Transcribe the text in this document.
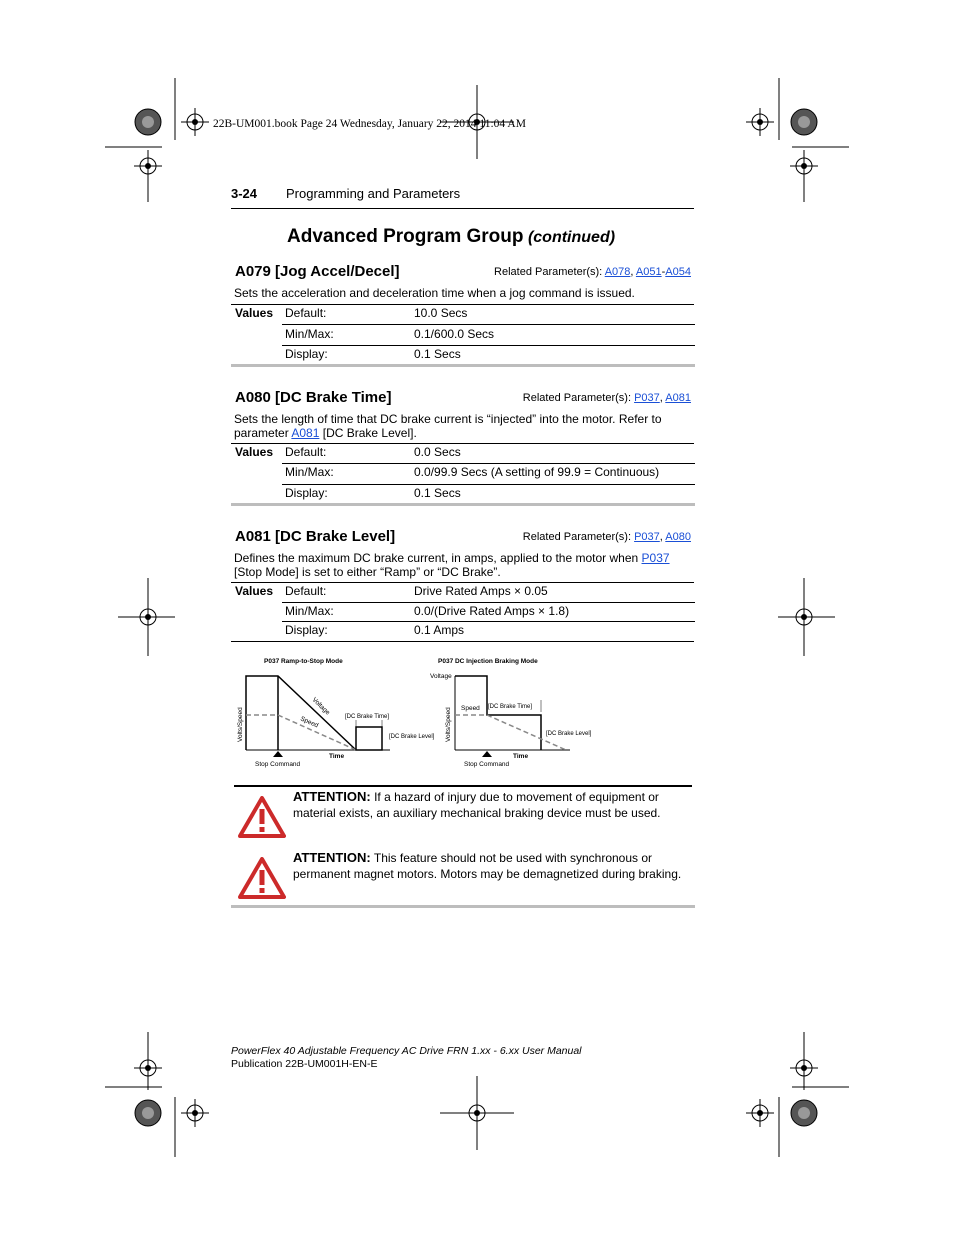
22B-UM001.book Page 24 Wednesday, January 22, 2014 11:04 AM
3-24 Programming and Parameters
Advanced Program Group (continued)
A079 [Jog Accel/Decel]	Related Parameter(s): A078, A051-A054
Sets the acceleration and deceleration time when a jog command is issued.
Values Default:	10.0 Secs
Min/Max:	0.1/600.0 Secs
Display:	0.1 Secs
A080 [DC Brake Time]	Related Parameter(s): P037, A081
Sets the length of time that DC brake current is “injected” into the motor. Refer to parameter A081 [DC Brake Level].
Values Default:	0.0 Secs
Min/Max:	0.0/99.9 Secs (A setting of 99.9 = Continuous)
Display:	0.1 Secs
A081 [DC Brake Level]	Related Parameter(s): P037, A080
Defines the maximum DC brake current, in amps, applied to the motor when P037 [Stop Mode] is set to either “Ramp” or “DC Brake”.
Values Default:	Drive Rated Amps × 0.05
Min/Max:	0.0/(Drive Rated Amps × 1.8)
Display:	0.1 Amps
P037 Ramp-to-Stop Mode
Volts/Speed
Voltage
Speed	[DC Brake Time]
[DC Brake Level]
Stop Command
Time
P037 DC Injection Braking Mode
Voltage
Volts/Speed Speed [DC Brake Time]
[DC Brake Level]
Stop Command
Time
ATTENTION: If a hazard of injury due to movement of equipment or material exists, an auxiliary mechanical braking device must be used.
ATTENTION: This feature should not be used with synchronous or permanent magnet motors. Motors may be demagnetized during braking.
PowerFlex 40 Adjustable Frequency AC Drive FRN 1.xx - 6.xx User Manual
Publication 22B-UM001H-EN-E
